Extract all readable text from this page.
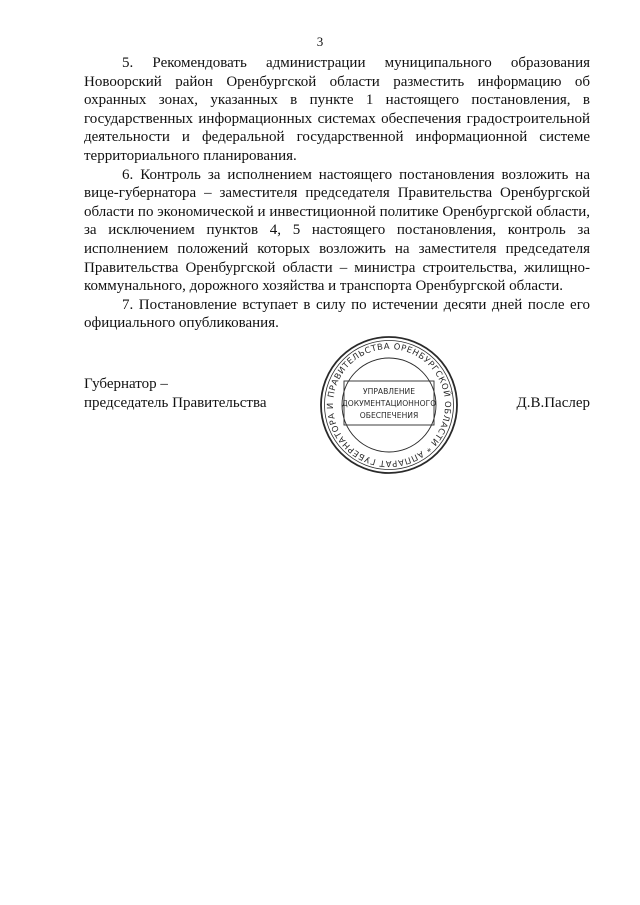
3

5. Рекомендовать администрации муниципального образования Новоорский район Оренбургской области разместить информацию об охранных зонах, указанных в пункте 1 настоящего постановления, в государственных информационных системах обеспечения градостроительной деятельности и федеральной государственной информационной системе территориального планирования.

6. Контроль за исполнением настоящего постановления возложить на вице-губернатора – заместителя председателя Правительства Оренбургской области по экономической и инвестиционной политике Оренбургской области, за исключением пунктов 4, 5 настоящего постановления, контроль за исполнением положений которых возложить на заместителя председателя Правительства Оренбургской области – министра строительства, жилищно-коммунального, дорожного хозяйства и транспорта Оренбургской области.

7. Постановление вступает в силу по истечении десяти дней после его официального опубликования.

Губернатор –
председатель Правительства
ПРАВИТЕЛЬСТВА ОРЕНБУРГСКОЙ ОБЛАСТИ * АППАРАТ ГУБЕРНАТОРА И
УПРАВЛЕНИЕ
ДОКУМЕНТАЦИОННОГО
ОБЕСПЕЧЕНИЯ
Д.В.Паслер
